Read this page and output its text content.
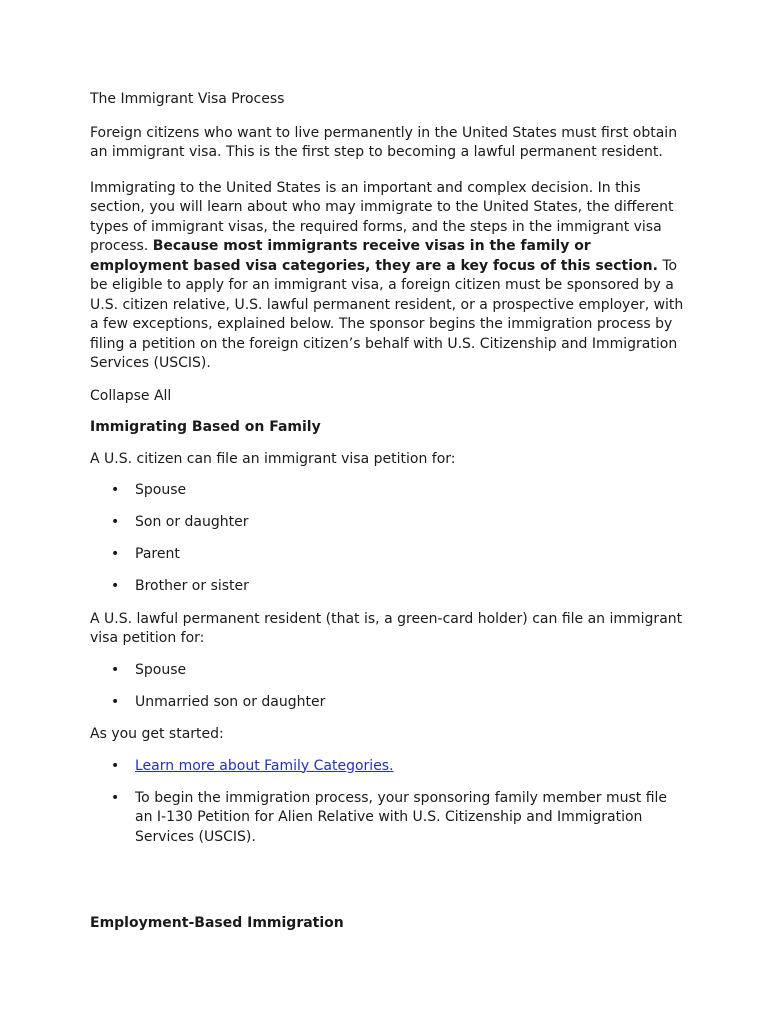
The Immigrant Visa Process

Foreign citizens who want to live permanently in the United States must first obtain an immigrant visa. This is the first step to becoming a lawful permanent resident.

Immigrating to the United States is an important and complex decision. In this section, you will learn about who may immigrate to the United States, the different types of immigrant visas, the required forms, and the steps in the immigrant visa process. Because most immigrants receive visas in the family or employment based visa categories, they are a key focus of this section. To be eligible to apply for an immigrant visa, a foreign citizen must be sponsored by a U.S. citizen relative, U.S. lawful permanent resident, or a prospective employer, with a few exceptions, explained below. The sponsor begins the immigration process by filing a petition on the foreign citizen’s behalf with U.S. Citizenship and Immigration Services (USCIS).

Collapse All

Immigrating Based on Family

A U.S. citizen can file an immigrant visa petition for:

• Spouse
• Son or daughter
• Parent
• Brother or sister

A U.S. lawful permanent resident (that is, a green-card holder) can file an immigrant visa petition for:

• Spouse
• Unmarried son or daughter

As you get started:

• Learn more about Family Categories.
• To begin the immigration process, your sponsoring family member must file an I-130 Petition for Alien Relative with U.S. Citizenship and Immigration Services (USCIS).

Employment-Based Immigration
